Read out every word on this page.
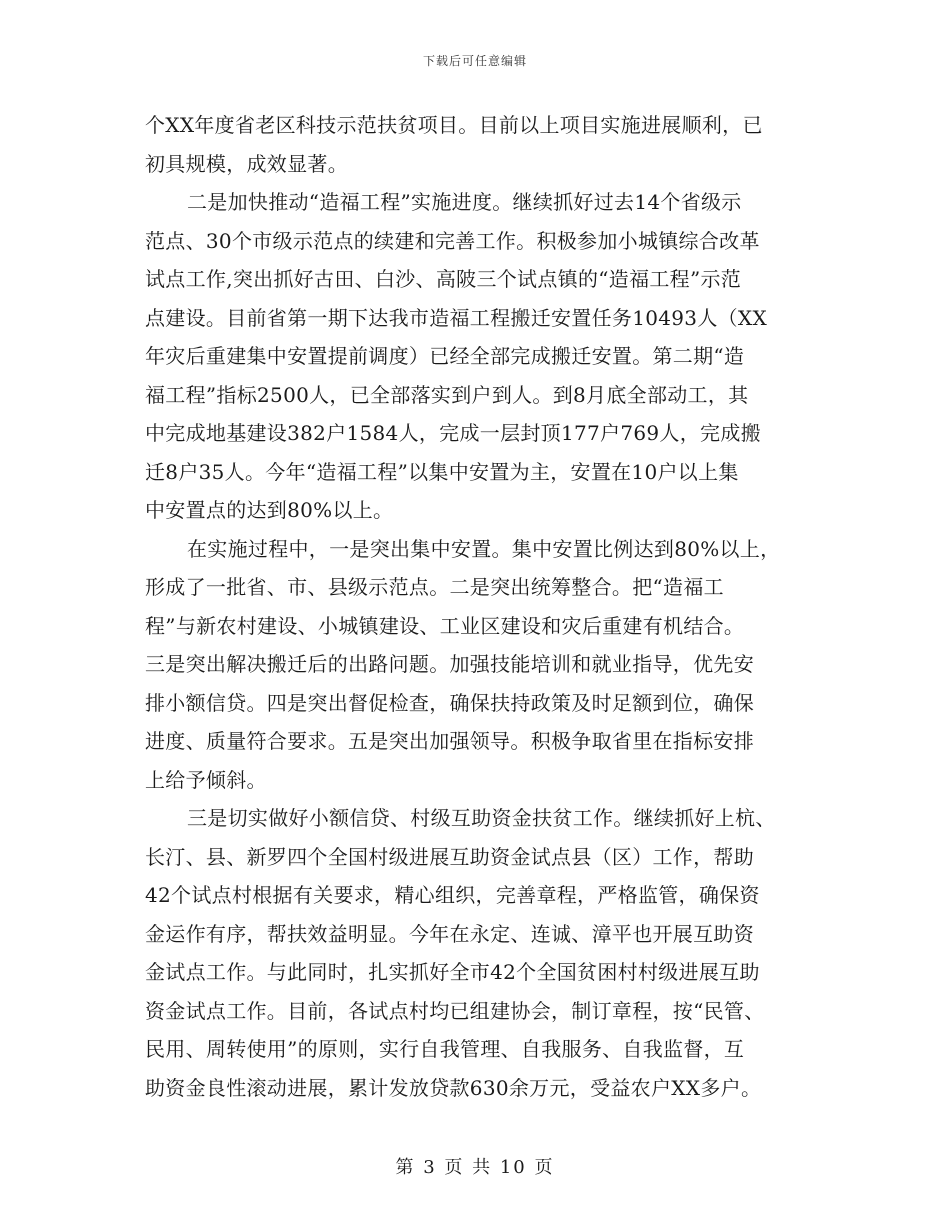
下载后可任意编辑
个XX年度省老区科技示范扶贫项目。目前以上项目实施进展顺利，已
初具规模，成效显著。
二是加快推动“造福工程”实施进度。继续抓好过去14个省级示
范点、30个市级示范点的续建和完善工作。积极参加小城镇综合改革
试点工作,突出抓好古田、白沙、高陂三个试点镇的“造福工程”示范
点建设。目前省第一期下达我市造福工程搬迁安置任务10493人（XX
年灾后重建集中安置提前调度）已经全部完成搬迁安置。第二期“造
福工程”指标2500人，已全部落实到户到人。到8月底全部动工，其
中完成地基建设382户1584人，完成一层封顶177户769人，完成搬
迁8户35人。今年“造福工程”以集中安置为主，安置在10户以上集
中安置点的达到80%以上。
在实施过程中，一是突出集中安置。集中安置比例达到80%以上，
形成了一批省、市、县级示范点。二是突出统筹整合。把“造福工
程”与新农村建设、小城镇建设、工业区建设和灾后重建有机结合。
三是突出解决搬迁后的出路问题。加强技能培训和就业指导，优先安
排小额信贷。四是突出督促检查，确保扶持政策及时足额到位，确保
进度、质量符合要求。五是突出加强领导。积极争取省里在指标安排
上给予倾斜。
三是切实做好小额信贷、村级互助资金扶贫工作。继续抓好上杭、
长汀、县、新罗四个全国村级进展互助资金试点县（区）工作，帮助
42个试点村根据有关要求，精心组织，完善章程，严格监管，确保资
金运作有序，帮扶效益明显。今年在永定、连诚、漳平也开展互助资
金试点工作。与此同时，扎实抓好全市42个全国贫困村村级进展互助
资金试点工作。目前，各试点村均已组建协会，制订章程，按“民管、
民用、周转使用”的原则，实行自我管理、自我服务、自我监督，互
助资金良性滚动进展，累计发放贷款630余万元，受益农户XX多户。
第 3 页 共 10 页
